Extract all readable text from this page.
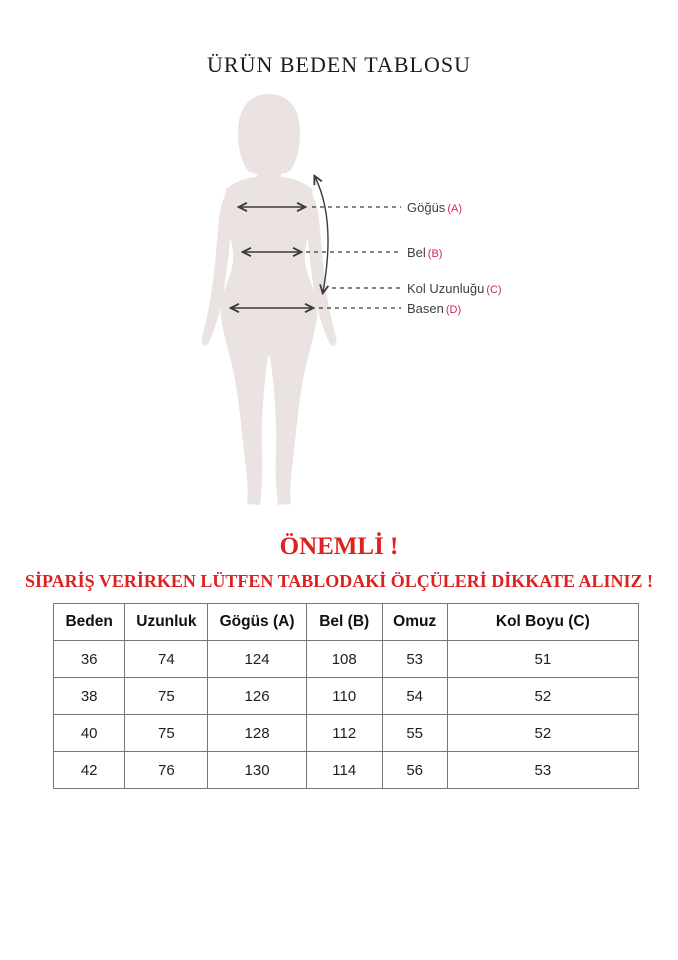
ÜRÜN BEDEN TABLOSU
Göğüs (A)
Bel (B)
Kol Uzunluğu (C)
Basen (D)
ÖNEMLİ !
SİPARİŞ VERİRKEN LÜTFEN TABLODAKİ ÖLÇÜLERİ DİKKATE ALINIZ !
Beden	Uzunluk	Gögüs (A)	Bel (B)	Omuz	Kol Boyu (C)
36	74	124	108	53	51
38	75	126	110	54	52
40	75	128	112	55	52
42	76	130	114	56	53
